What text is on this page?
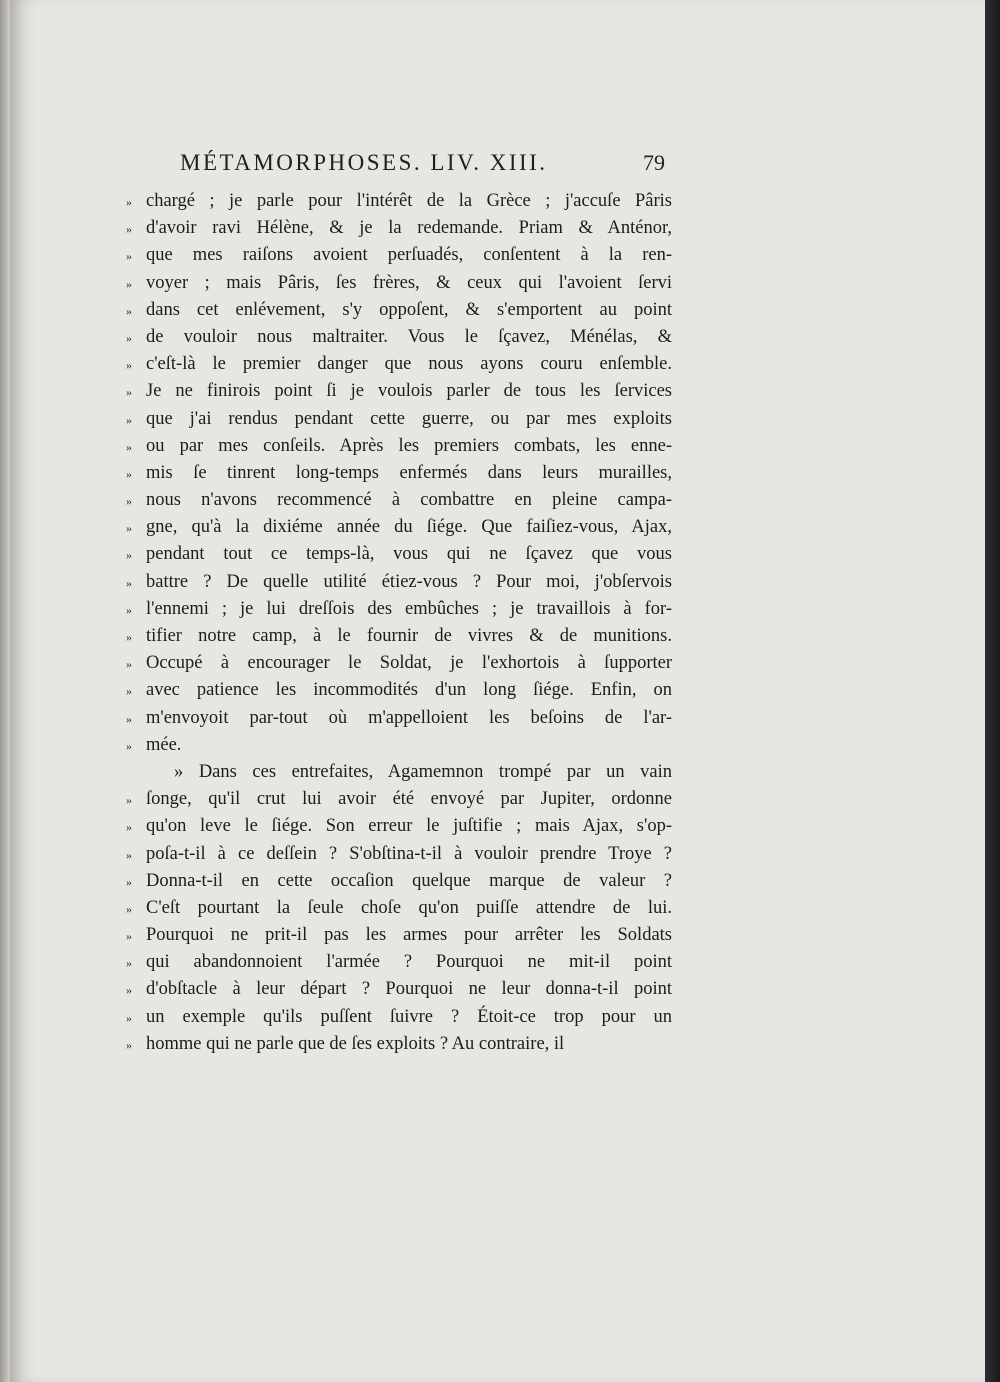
MÉTAMORPHOSES. LIV. XIII.	79
» chargé ; je parle pour l'intérêt de la Grèce ; j'accuſe Pâris
» d'avoir ravi Hélène, & je la redemande. Priam & Anténor,
» que mes raiſons avoient perſuadés, conſentent à la ren-
» voyer ; mais Pâris, ſes frères, & ceux qui l'avoient ſervi
» dans cet enlévement, s'y oppoſent, & s'emportent au point
» de vouloir nous maltraiter. Vous le ſçavez, Ménélas, &
» c'eſt-là le premier danger que nous ayons couru enſemble.
» Je ne finirois point ſi je voulois parler de tous les ſervices
» que j'ai rendus pendant cette guerre, ou par mes exploits
» ou par mes conſeils. Après les premiers combats, les enne-
» mis ſe tinrent long-temps enfermés dans leurs murailles,
» nous n'avons recommencé à combattre en pleine campa-
» gne, qu'à la dixiéme année du ſiége. Que faiſiez-vous, Ajax,
» pendant tout ce temps-là, vous qui ne ſçavez que vous
» battre ? De quelle utilité étiez-vous ? Pour moi, j'obſervois
» l'ennemi ; je lui dreſſois des embûches ; je travaillois à for-
» tifier notre camp, à le fournir de vivres & de munitions.
» Occupé à encourager le Soldat, je l'exhortois à ſupporter
» avec patience les incommodités d'un long ſiége. Enfin, on
» m'envoyoit par-tout où m'appelloient les beſoins de l'ar-
» mée.
» Dans ces entrefaites, Agamemnon trompé par un vain
» ſonge, qu'il crut lui avoir été envoyé par Jupiter, ordonne
» qu'on leve le ſiége. Son erreur le juſtifie ; mais Ajax, s'op-
» poſa-t-il à ce deſſein ? S'obſtina-t-il à vouloir prendre Troye ?
» Donna-t-il en cette occaſion quelque marque de valeur ?
» C'eſt pourtant la ſeule choſe qu'on puiſſe attendre de lui.
» Pourquoi ne prit-il pas les armes pour arrêter les Soldats
» qui abandonnoient l'armée ? Pourquoi ne mit-il point
» d'obſtacle à leur départ ? Pourquoi ne leur donna-t-il point
» un exemple qu'ils puſſent ſuivre ? Étoit-ce trop pour un
» homme qui ne parle que de ſes exploits ? Au contraire, il
